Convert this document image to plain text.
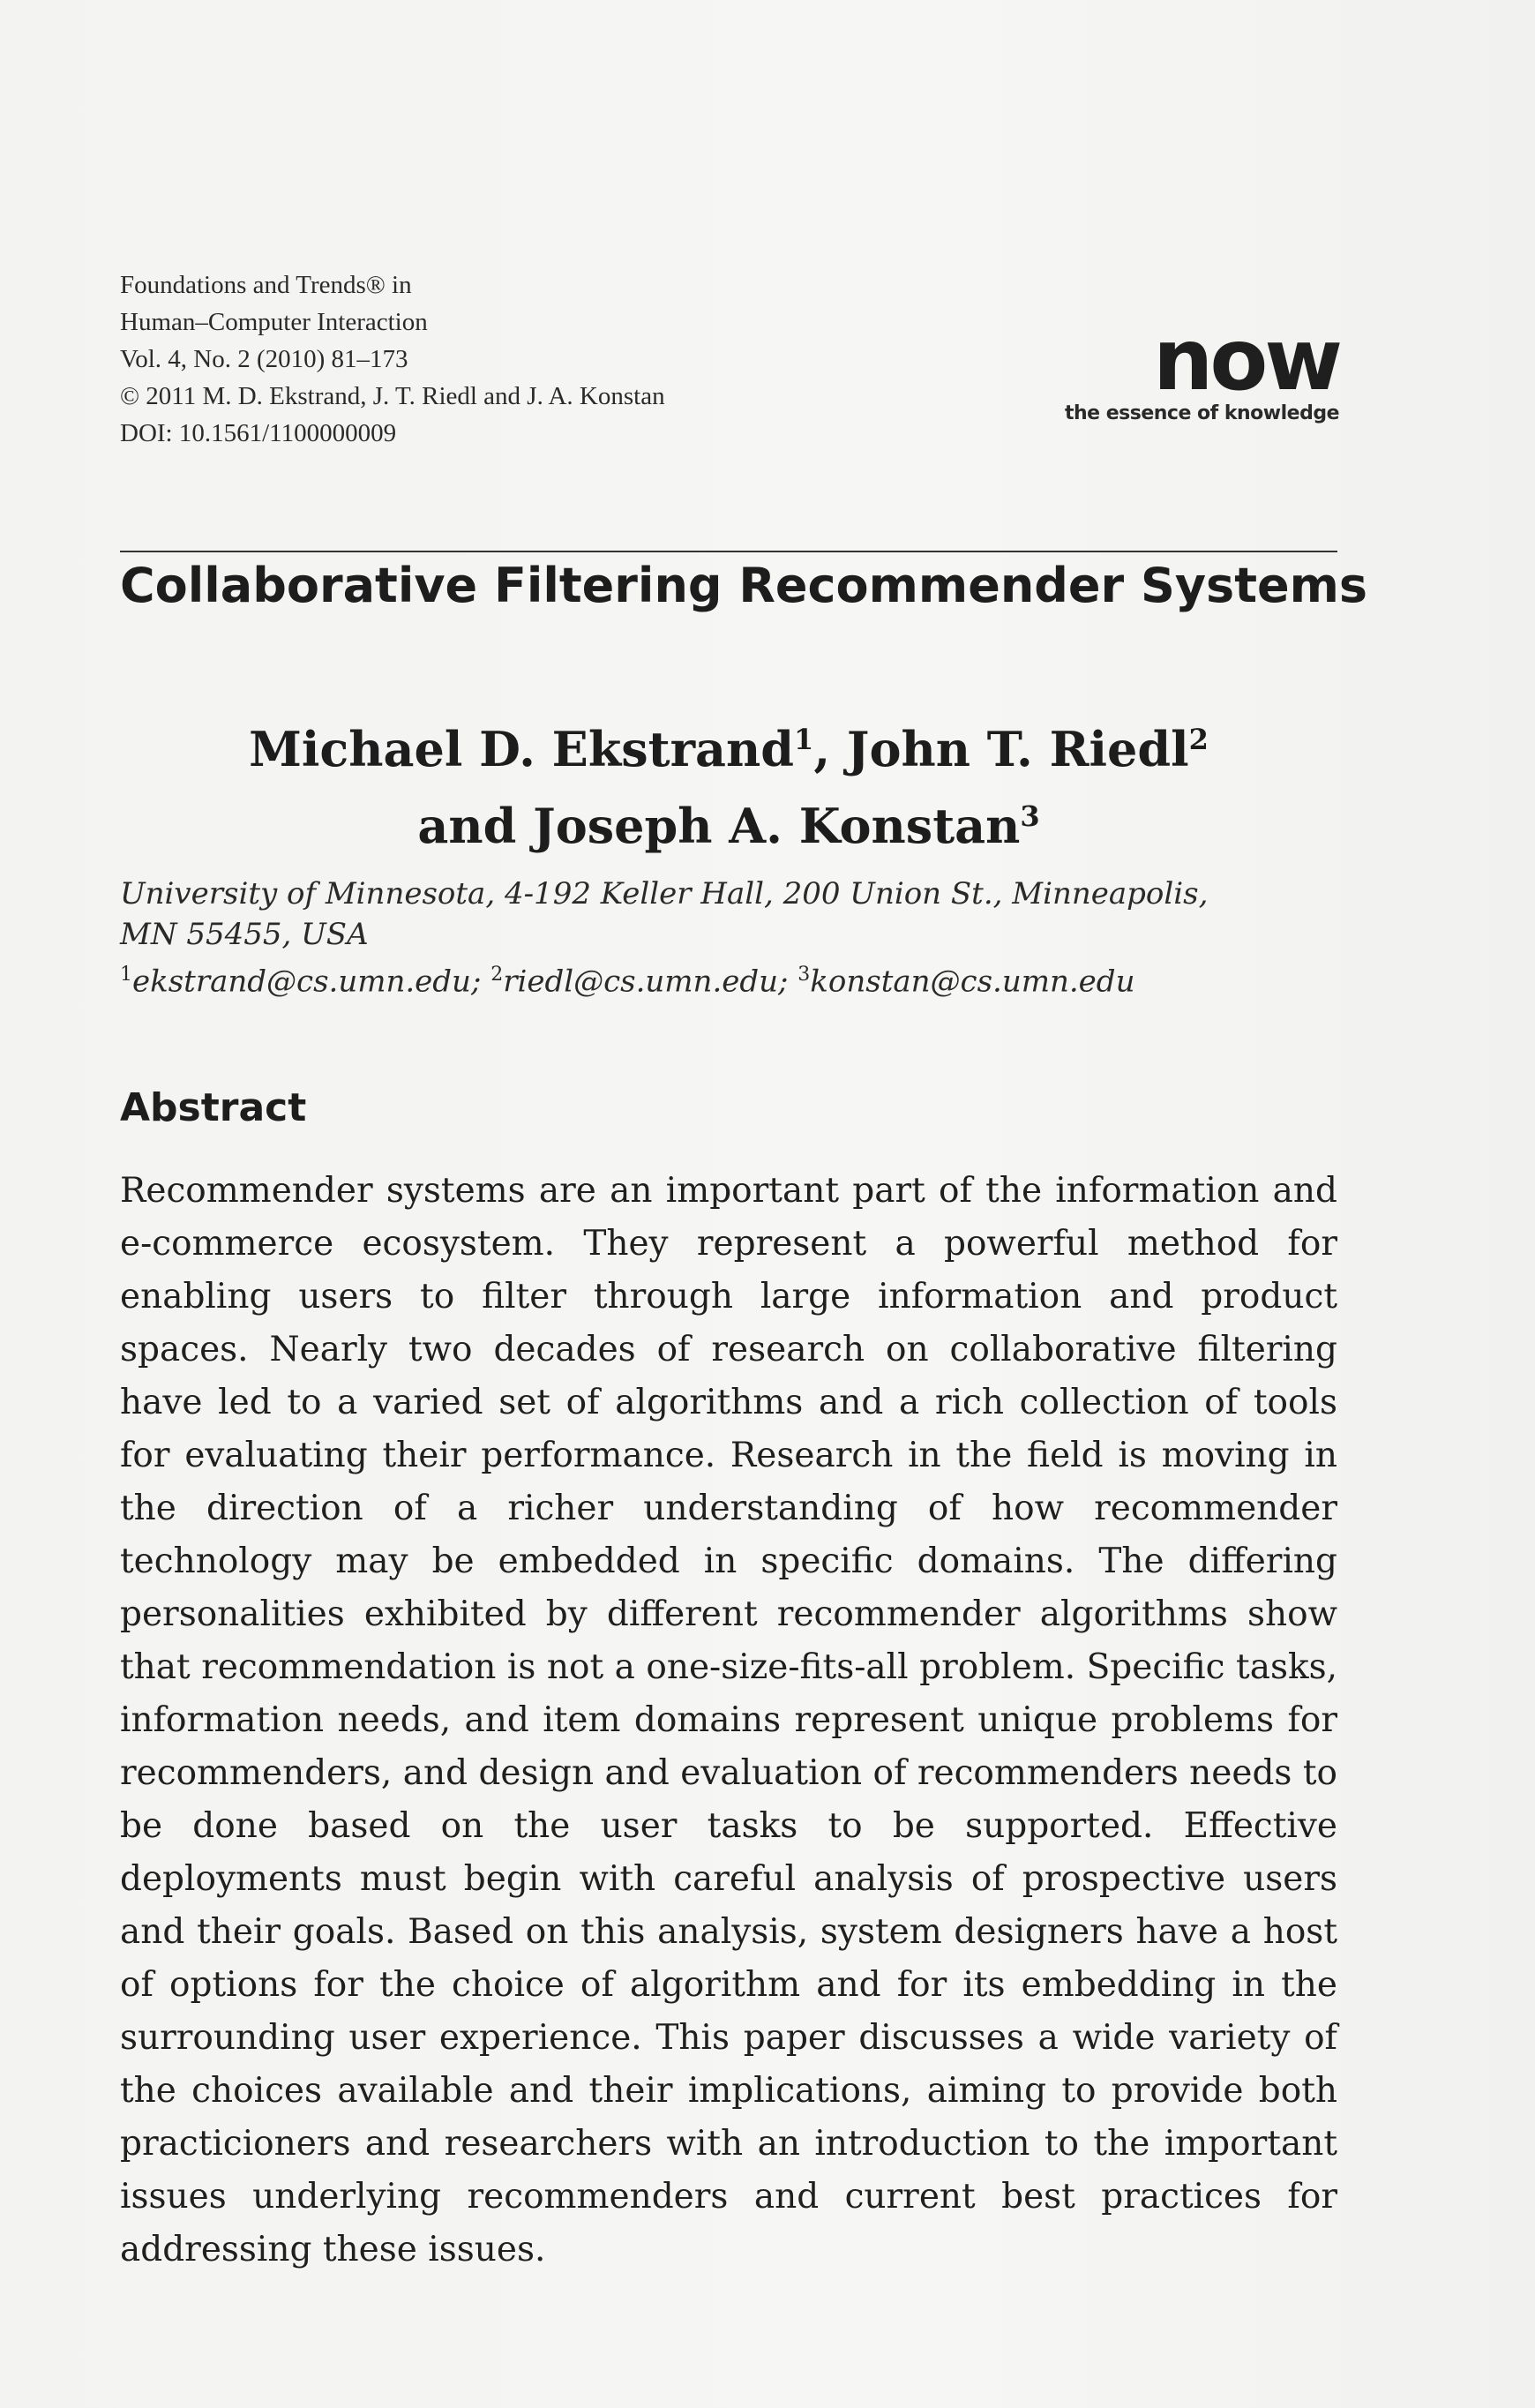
Foundations and Trends® in
Human–Computer Interaction
Vol. 4, No. 2 (2010) 81–173
© 2011 M. D. Ekstrand, J. T. Riedl and J. A. Konstan
DOI: 10.1561/1100000009
now
the essence of knowledge
Collaborative Filtering Recommender Systems
Michael D. Ekstrand$^1$, John T. Riedl$^2$
and Joseph A. Konstan$^3$
University of Minnesota, 4-192 Keller Hall, 200 Union St., Minneapolis,
MN 55455, USA
$^1$ekstrand@cs.umn.edu; $^2$riedl@cs.umn.edu; $^3$konstan@cs.umn.edu
Abstract
Recommender systems are an important part of the information and e-commerce ecosystem. They represent a powerful method for enabling users to filter through large information and product spaces. Nearly two decades of research on collaborative filtering have led to a varied set of algorithms and a rich collection of tools for evaluating their performance. Research in the field is moving in the direction of a richer understanding of how recommender technology may be embedded in specific domains. The differing personalities exhibited by different recommender algorithms show that recommendation is not a one-size-fits-all problem. Specific tasks, information needs, and item domains represent unique problems for recommenders, and design and evaluation of recommenders needs to be done based on the user tasks to be supported. Effective deployments must begin with careful analysis of prospective users and their goals. Based on this analysis, system designers have a host of options for the choice of algorithm and for its embedding in the surrounding user experience. This paper discusses a wide variety of the choices available and their implications, aiming to provide both practicioners and researchers with an introduction to the important issues underlying recommenders and current best practices for addressing these issues.
